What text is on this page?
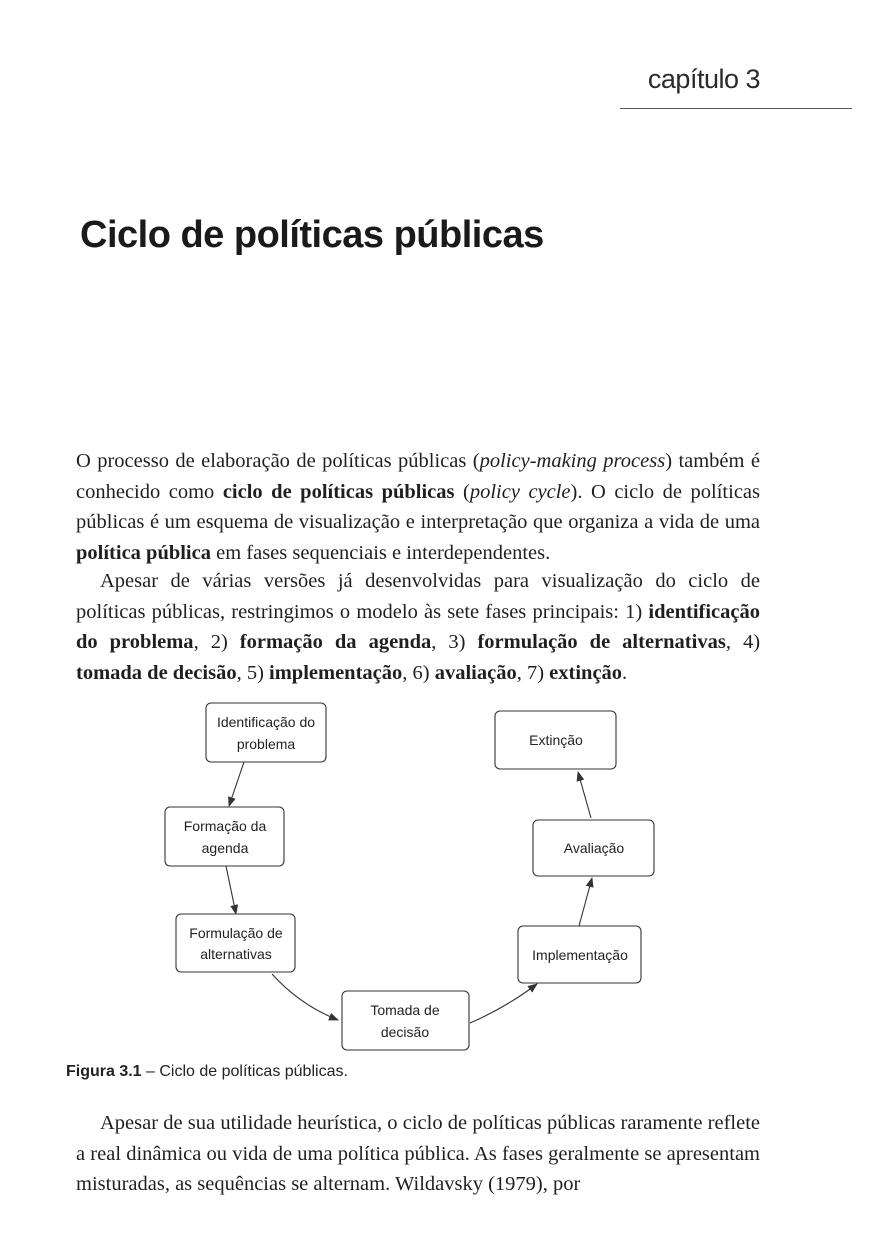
capítulo 3
Ciclo de políticas públicas

O processo de elaboração de políticas públicas (policy-making process) também é conhecido como ciclo de políticas públicas (policy cycle). O ciclo de políticas públicas é um esquema de visualização e interpretação que organiza a vida de uma política pública em fases sequenciais e interdependentes.

Apesar de várias versões já desenvolvidas para visualização do ciclo de políticas públicas, restringimos o modelo às sete fases principais: 1) identificação do problema, 2) formação da agenda, 3) formulação de alternativas, 4) tomada de decisão, 5) implementação, 6) avaliação, 7) extinção.

Identificação do
problema
Formação da
agenda
Formulação de
alternativas
Tomada de
decisão
Implementação
Avaliação
Extinção

Figura 3.1 – Ciclo de políticas públicas.

Apesar de sua utilidade heurística, o ciclo de políticas públicas raramente reflete a real dinâmica ou vida de uma política pública. As fases geralmente se apresentam misturadas, as sequências se alternam. Wildavsky (1979), por
